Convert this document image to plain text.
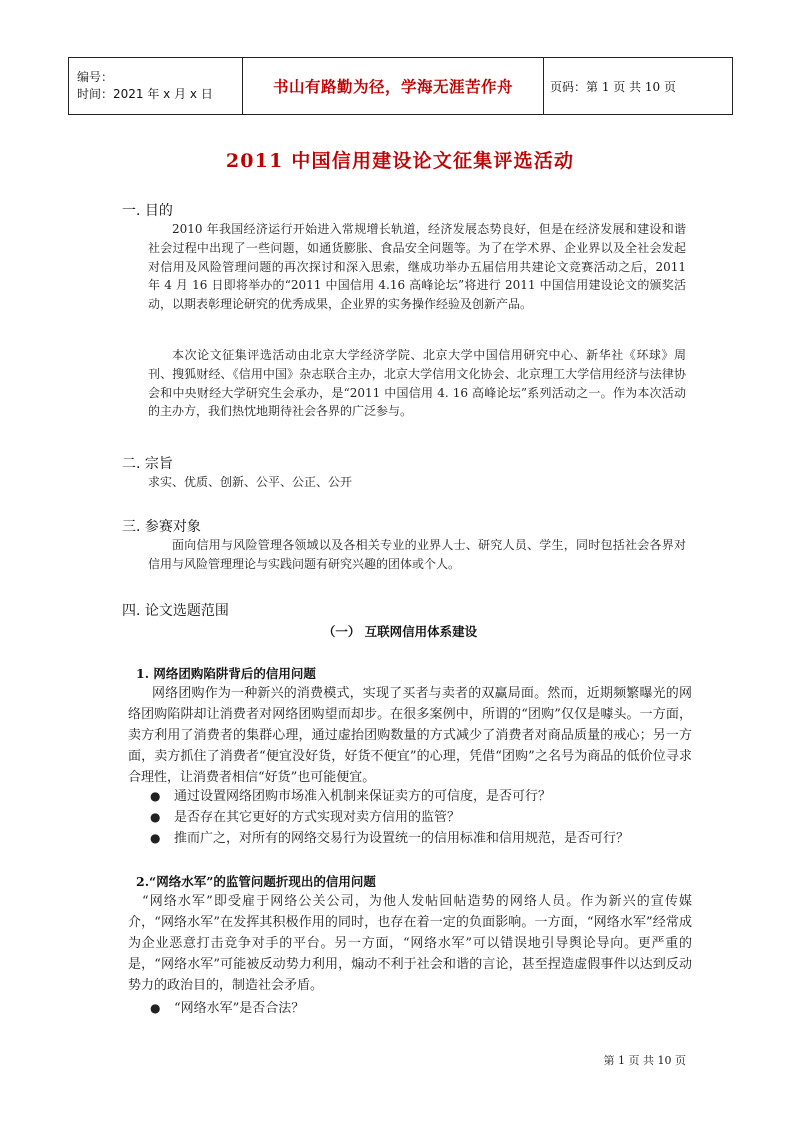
编号：
时间：2021 年 x 月 x 日	书山有路勤为径，学海无涯苦作舟	页码：第 1 页 共 10 页
2011 中国信用建设论文征集评选活动
一. 目的
2010 年我国经济运行开始进入常规增长轨道，经济发展态势良好，但是在经济发展和建设和谐社会过程中出现了一些问题，如通货膨胀、食品安全问题等。为了在学术界、企业界以及全社会发起对信用及风险管理问题的再次探讨和深入思索，继成功举办五届信用共建论文竞赛活动之后，2011 年 4 月 16 日即将举办的“2011 中国信用 4.16 高峰论坛”将进行 2011 中国信用建设论文的颁奖活动，以期表彰理论研究的优秀成果，企业界的实务操作经验及创新产品。
本次论文征集评选活动由北京大学经济学院、北京大学中国信用研究中心、新华社《环球》周刊、搜狐财经、《信用中国》杂志联合主办，北京大学信用文化协会、北京理工大学信用经济与法律协会和中央财经大学研究生会承办，是“2011 中国信用 4. 16 高峰论坛”系列活动之一。作为本次活动的主办方，我们热忱地期待社会各界的广泛参与。
二. 宗旨
求实、优质、创新、公平、公正、公开
三. 参赛对象
面向信用与风险管理各领域以及各相关专业的业界人士、研究人员、学生，同时包括社会各界对信用与风险管理理论与实践问题有研究兴趣的团体或个人。
四. 论文选题范围
（一） 互联网信用体系建设
1. 网络团购陷阱背后的信用问题
网络团购作为一种新兴的消费模式，实现了买者与卖者的双赢局面。然而，近期频繁曝光的网络团购陷阱却让消费者对网络团购望而却步。在很多案例中，所谓的“团购”仅仅是噱头。一方面，卖方利用了消费者的集群心理，通过虚抬团购数量的方式减少了消费者对商品质量的戒心；另一方面，卖方抓住了消费者“便宜没好货，好货不便宜”的心理，凭借“团购”之名号为商品的低价位寻求合理性，让消费者相信“好货”也可能便宜。
● 通过设置网络团购市场准入机制来保证卖方的可信度，是否可行？
● 是否存在其它更好的方式实现对卖方信用的监管？
● 推而广之，对所有的网络交易行为设置统一的信用标准和信用规范，是否可行？
2.“网络水军”的监管问题折现出的信用问题
“网络水军”即受雇于网络公关公司，为他人发帖回帖造势的网络人员。作为新兴的宣传媒介，“网络水军”在发挥其积极作用的同时，也存在着一定的负面影响。一方面，“网络水军”经常成为企业恶意打击竞争对手的平台。另一方面，“网络水军”可以错误地引导舆论导向。更严重的是，“网络水军”可能被反动势力利用，煽动不利于社会和谐的言论，甚至捏造虚假事件以达到反动势力的政治目的，制造社会矛盾。
● “网络水军”是否合法？
第 1 页 共 10 页
